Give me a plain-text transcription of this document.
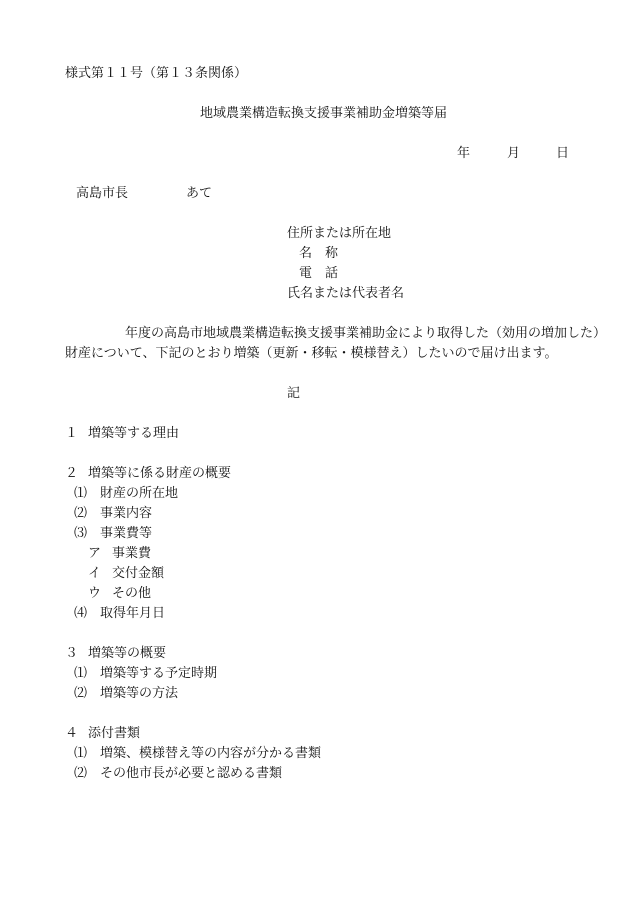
様式第１１号（第１３条関係）
地域農業構造転換支援事業補助金増築等届
年	月	日
高島市長	あて
住所または所在地
名　称
電　話
氏名または代表者名
年度の高島市地域農業構造転換支援事業補助金により取得した（効用の増加した）
財産について、下記のとおり増築（更新・移転・模様替え）したいので届け出ます。
記
１ 増築等する理由
２ 増築等に係る財産の概要
⑴ 財産の所在地
⑵ 事業内容
⑶ 事業費等
ア 事業費
イ 交付金額
ウ その他
⑷ 取得年月日
３ 増築等の概要
⑴ 増築等する予定時期
⑵ 増築等の方法
４ 添付書類
⑴ 増築、模様替え等の内容が分かる書類
⑵ その他市長が必要と認める書類
